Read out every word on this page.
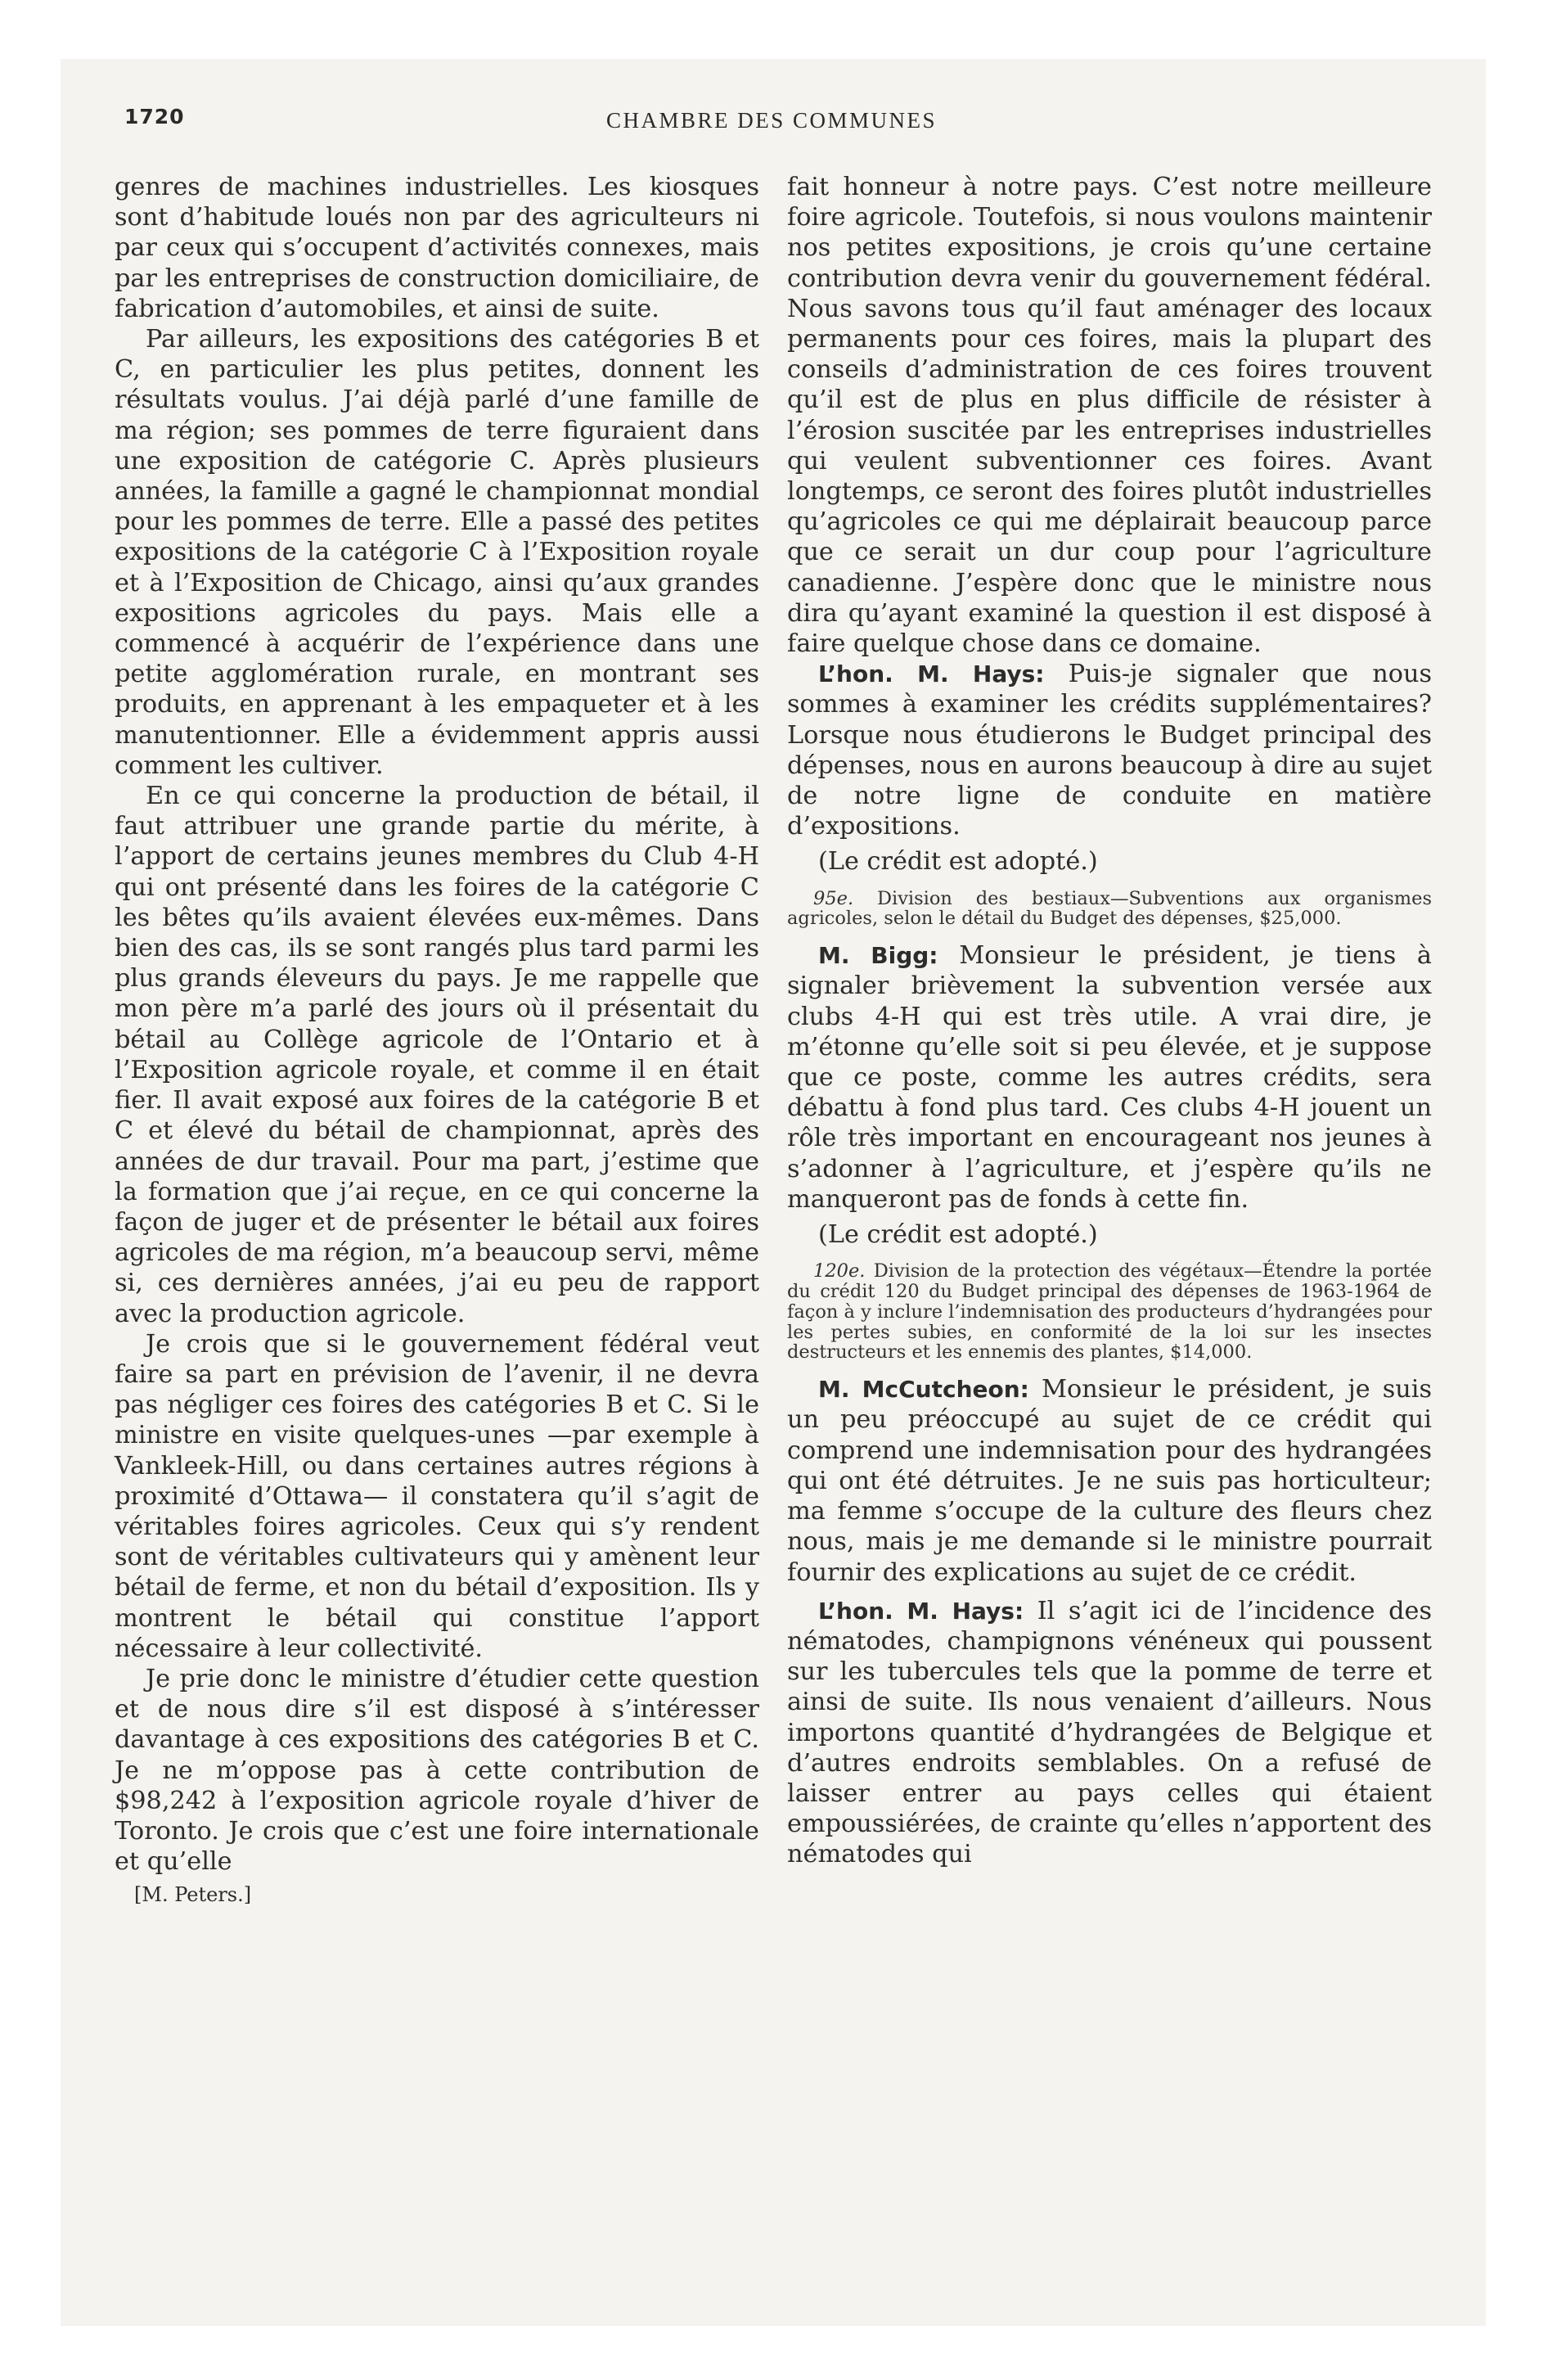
1720	CHAMBRE DES COMMUNES

genres de machines industrielles. Les kiosques sont d’habitude loués non par des agriculteurs ni par ceux qui s’occupent d’activités connexes, mais par les entreprises de construction domiciliaire, de fabrication d’automobiles, et ainsi de suite.

Par ailleurs, les expositions des catégories B et C, en particulier les plus petites, donnent les résultats voulus. J’ai déjà parlé d’une famille de ma région; ses pommes de terre figuraient dans une exposition de catégorie C. Après plusieurs années, la famille a gagné le championnat mondial pour les pommes de terre. Elle a passé des petites expositions de la catégorie C à l’Exposition royale et à l’Exposition de Chicago, ainsi qu’aux grandes expositions agricoles du pays. Mais elle a commencé à acquérir de l’expérience dans une petite agglomération rurale, en montrant ses produits, en apprenant à les empaqueter et à les manutentionner. Elle a évidemment appris aussi comment les cultiver.

En ce qui concerne la production de bétail, il faut attribuer une grande partie du mérite, à l’apport de certains jeunes membres du Club 4-H qui ont présenté dans les foires de la catégorie C les bêtes qu’ils avaient élevées eux-mêmes. Dans bien des cas, ils se sont rangés plus tard parmi les plus grands éleveurs du pays. Je me rappelle que mon père m’a parlé des jours où il présentait du bétail au Collège agricole de l’Ontario et à l’Exposition agricole royale, et comme il en était fier. Il avait exposé aux foires de la catégorie B et C et élevé du bétail de championnat, après des années de dur travail. Pour ma part, j’estime que la formation que j’ai reçue, en ce qui concerne la façon de juger et de présenter le bétail aux foires agricoles de ma région, m’a beaucoup servi, même si, ces dernières années, j’ai eu peu de rapport avec la production agricole.

Je crois que si le gouvernement fédéral veut faire sa part en prévision de l’avenir, il ne devra pas négliger ces foires des catégories B et C. Si le ministre en visite quelques-unes —par exemple à Vankleek-Hill, ou dans certaines autres régions à proximité d’Ottawa— il constatera qu’il s’agit de véritables foires agricoles. Ceux qui s’y rendent sont de véritables cultivateurs qui y amènent leur bétail de ferme, et non du bétail d’exposition. Ils y montrent le bétail qui constitue l’apport nécessaire à leur collectivité.

Je prie donc le ministre d’étudier cette question et de nous dire s’il est disposé à s’intéresser davantage à ces expositions des catégories B et C. Je ne m’oppose pas à cette contribution de $98,242 à l’exposition agricole royale d’hiver de Toronto. Je crois que c’est une foire internationale et qu’elle

[M. Peters.]

fait honneur à notre pays. C’est notre meilleure foire agricole. Toutefois, si nous voulons maintenir nos petites expositions, je crois qu’une certaine contribution devra venir du gouvernement fédéral. Nous savons tous qu’il faut aménager des locaux permanents pour ces foires, mais la plupart des conseils d’administration de ces foires trouvent qu’il est de plus en plus difficile de résister à l’érosion suscitée par les entreprises industrielles qui veulent subventionner ces foires. Avant longtemps, ce seront des foires plutôt industrielles qu’agricoles ce qui me déplairait beaucoup parce que ce serait un dur coup pour l’agriculture canadienne. J’espère donc que le ministre nous dira qu’ayant examiné la question il est disposé à faire quelque chose dans ce domaine.

L’hon. M. Hays: Puis-je signaler que nous sommes à examiner les crédits supplémentaires? Lorsque nous étudierons le Budget principal des dépenses, nous en aurons beaucoup à dire au sujet de notre ligne de conduite en matière d’expositions.

(Le crédit est adopté.)

95e. Division des bestiaux—Subventions aux organismes agricoles, selon le détail du Budget des dépenses, $25,000.

M. Bigg: Monsieur le président, je tiens à signaler brièvement la subvention versée aux clubs 4-H qui est très utile. A vrai dire, je m’étonne qu’elle soit si peu élevée, et je suppose que ce poste, comme les autres crédits, sera débattu à fond plus tard. Ces clubs 4-H jouent un rôle très important en encourageant nos jeunes à s’adonner à l’agriculture, et j’espère qu’ils ne manqueront pas de fonds à cette fin.

(Le crédit est adopté.)

120e. Division de la protection des végétaux—Étendre la portée du crédit 120 du Budget principal des dépenses de 1963-1964 de façon à y inclure l’indemnisation des producteurs d’hydrangées pour les pertes subies, en conformité de la loi sur les insectes destructeurs et les ennemis des plantes, $14,000.

M. McCutcheon: Monsieur le président, je suis un peu préoccupé au sujet de ce crédit qui comprend une indemnisation pour des hydrangées qui ont été détruites. Je ne suis pas horticulteur; ma femme s’occupe de la culture des fleurs chez nous, mais je me demande si le ministre pourrait fournir des explications au sujet de ce crédit.

L’hon. M. Hays: Il s’agit ici de l’incidence des nématodes, champignons vénéneux qui poussent sur les tubercules tels que la pomme de terre et ainsi de suite. Ils nous venaient d’ailleurs. Nous importons quantité d’hydrangées de Belgique et d’autres endroits semblables. On a refusé de laisser entrer au pays celles qui étaient empoussiérées, de crainte qu’elles n’apportent des nématodes qui
